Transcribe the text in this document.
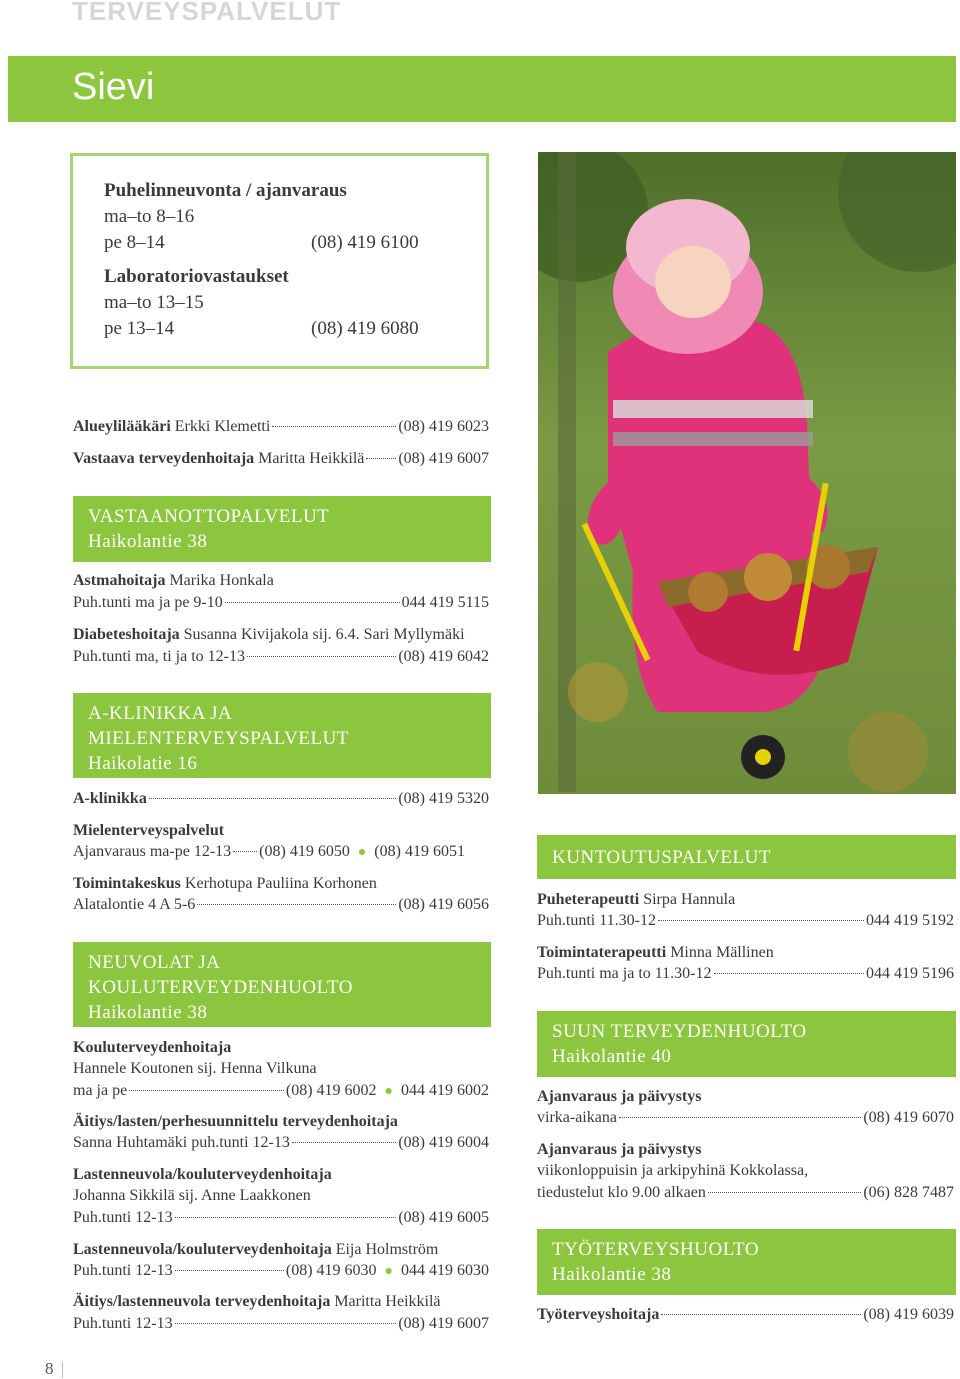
TERVEYSPALVELUT
Sievi
Puhelinneuvonta / ajanvaraus
ma–to 8–16
pe 8–14	(08) 419 6100
Laboratoriovastaukset
ma–to 13–15
pe 13–14	(08) 419 6080
Alueylilääkäri Erkki Klemetti	(08) 419 6023
Vastaava terveydenhoitaja Maritta Heikkilä (08) 419 6007
VASTAANOTTOPALVELUT
Haikolantie 38
Astmahoitaja Marika Honkala
Puh.tunti ma ja pe 9-10	044 419 5115
Diabeteshoitaja Susanna Kivijakola sij. 6.4. Sari Myllymäki
Puh.tunti ma, ti ja to 12-13	(08) 419 6042
A-KLINIKKA JA
MIELENTERVEYSPALVELUT
Haikolatie 16
A-klinikka	(08) 419 5320
Mielenterveyspalvelut
Ajanvaraus ma-pe 12-13 (08) 419 6050 ● (08) 419 6051
Toimintakeskus Kerhotupa Pauliina Korhonen
Alatalontie 4 A 5-6	(08) 419 6056
NEUVOLAT JA
KOULUTERVEYDENHUOLTO
Haikolantie 38
Kouluterveydenhoitaja
Hannele Koutonen sij. Henna Vilkuna
ma ja pe	(08) 419 6002 ● 044 419 6002
Äitiys/lasten/perhesuunnittelu terveydenhoitaja
Sanna Huhtamäki puh.tunti 12-13	(08) 419 6004
Lastenneuvola/kouluterveydenhoitaja
Johanna Sikkilä sij. Anne Laakkonen
Puh.tunti 12-13	(08) 419 6005
Lastenneuvola/kouluterveydenhoitaja Eija Holmström
Puh.tunti 12-13	(08) 419 6030 ● 044 419 6030
Äitiys/lastenneuvola terveydenhoitaja Maritta Heikkilä
Puh.tunti 12-13	(08) 419 6007
KUNTOUTUSPALVELUT
Puheterapeutti Sirpa Hannula
Puh.tunti 11.30-12	044 419 5192
Toimintaterapeutti Minna Mällinen
Puh.tunti ma ja to 11.30-12	044 419 5196
SUUN TERVEYDENHUOLTO
Haikolantie 40
Ajanvaraus ja päivystys
virka-aikana	(08) 419 6070
Ajanvaraus ja päivystys
viikonloppuisin ja arkipyhinä Kokkolassa,
tiedustelut klo 9.00 alkaen	(06) 828 7487
TYÖTERVEYSHUOLTO
Haikolantie 38
Työterveyshoitaja	(08) 419 6039
8
